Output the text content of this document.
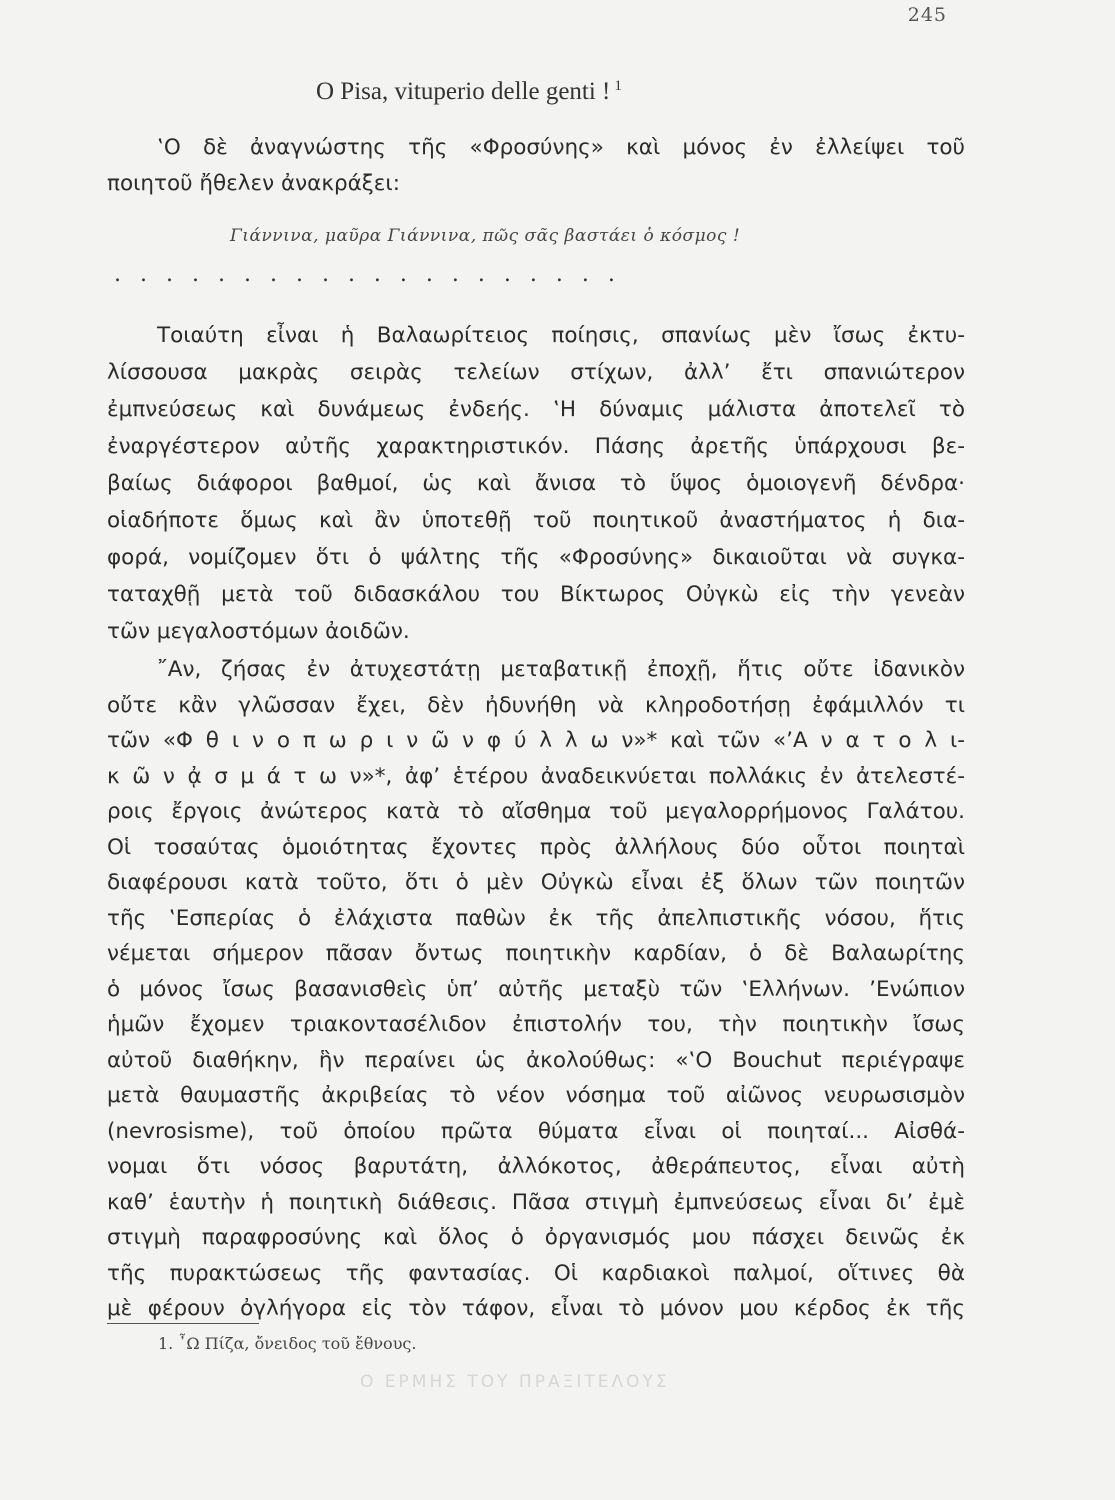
245
O Pisa, vituperio delle genti ! $^1$
‛Ο δὲ ἀναγνώστης τῆς «Φροσύνης» καὶ μόνος ἐν ἐλλείψει τοῦ
ποιητοῦ ἤθελεν ἀνακράξει:
Γιάννινα, μαῦρα Γιάννινα, πῶς σᾶς βαστάει ὁ κόσμος !
....................
Τοιαύτη εἶναι ἡ Βαλαωρίτειος ποίησις, σπανίως μὲν ἴσως ἐκτυ-
λίσσουσα μακρὰς σειρὰς τελείων στίχων, ἀλλ’ ἔτι σπανιώτερον
ἐμπνεύσεως καὶ δυνάμεως ἐνδεής. ‛Η δύναμις μάλιστα ἀποτελεῖ τὸ
ἐναργέστερον αὐτῆς χαρακτηριστικόν. Πάσης ἀρετῆς ὑπάρχουσι βε-
βαίως διάφοροι βαθμοί, ὡς καὶ ἄνισα τὸ ὕψος ὁμοιογενῆ δένδρα·
οἱαδήποτε ὅμως καὶ ἂν ὑποτεθῇ τοῦ ποιητικοῦ ἀναστήματος ἡ δια-
φορά, νομίζομεν ὅτι ὁ ψάλτης τῆς «Φροσύνης» δικαιοῦται νὰ συγκα-
ταταχθῇ μετὰ τοῦ διδασκάλου του Βίκτωρος Οὐγκὼ εἰς τὴν γενεὰν
τῶν μεγαλοστόμων ἀοιδῶν.
῎Αν, ζήσας ἐν ἀτυχεστάτῃ μεταβατικῇ ἐποχῇ, ἥτις οὔτε ἰδανικὸν
οὔτε κἂν γλῶσσαν ἔχει, δὲν ἠδυνήθη νὰ κληροδοτήσῃ ἐφάμιλλόν τι
τῶν «Φ θ ι ν ο π ω ρ ι ν ῶ ν φ ύ λ λ ω ν»* καὶ τῶν «’Α ν α τ ο λ ι-
κ ῶ ν ᾀ σ μ ά τ ω ν»*, ἀφ’ ἑτέρου ἀναδεικνύεται πολλάκις ἐν ἀτελεστέ-
ροις ἔργοις ἀνώτερος κατὰ τὸ αἴσθημα τοῦ μεγαλορρήμονος Γαλάτου.
Οἱ τοσαύτας ὁμοιότητας ἔχοντες πρὸς ἀλλήλους δύο οὗτοι ποιηταὶ
διαφέρουσι κατὰ τοῦτο, ὅτι ὁ μὲν Οὐγκὼ εἶναι ἐξ ὅλων τῶν ποιητῶν
τῆς ‛Εσπερίας ὁ ἐλάχιστα παθὼν ἐκ τῆς ἀπελπιστικῆς νόσου, ἥτις
νέμεται σήμερον πᾶσαν ὄντως ποιητικὴν καρδίαν, ὁ δὲ Βαλαωρίτης
ὁ μόνος ἴσως βασανισθεὶς ὑπ’ αὐτῆς μεταξὺ τῶν ‛Ελλήνων. ’Ενώπιον
ἡμῶν ἔχομεν τριακοντασέλιδον ἐπιστολήν του, τὴν ποιητικὴν ἴσως
αὐτοῦ διαθήκην, ἣν περαίνει ὡς ἀκολούθως: «‛Ο Bouchut περιέγραψε
μετὰ θαυμαστῆς ἀκριβείας τὸ νέον νόσημα τοῦ αἰῶνος νευρωσισμὸν
(nevrosisme), τοῦ ὁποίου πρῶτα θύματα εἶναι οἱ ποιηταί... Αἰσθά-
νομαι ὅτι νόσος βαρυτάτη, ἀλλόκοτος, ἀθεράπευτος, εἶναι αὐτὴ
καθ’ ἑαυτὴν ἡ ποιητικὴ διάθεσις. Πᾶσα στιγμὴ ἐμπνεύσεως εἶναι δι’ ἐμὲ
στιγμὴ παραφροσύνης καὶ ὅλος ὁ ὀργανισμός μου πάσχει δεινῶς ἐκ
τῆς πυρακτώσεως τῆς φαντασίας. Οἱ καρδιακοὶ παλμοί, οἵτινες θὰ
μὲ φέρουν ὀγλήγορα εἰς τὸν τάφον, εἶναι τὸ μόνον μου κέρδος ἐκ τῆς
1. ῏Ω Πίζα, ὄνειδος τοῦ ἔθνους.
Ο ΕΡΜΗΣ ΤΟΥ ΠΡΑΞΙΤΕΛΟΥΣ
